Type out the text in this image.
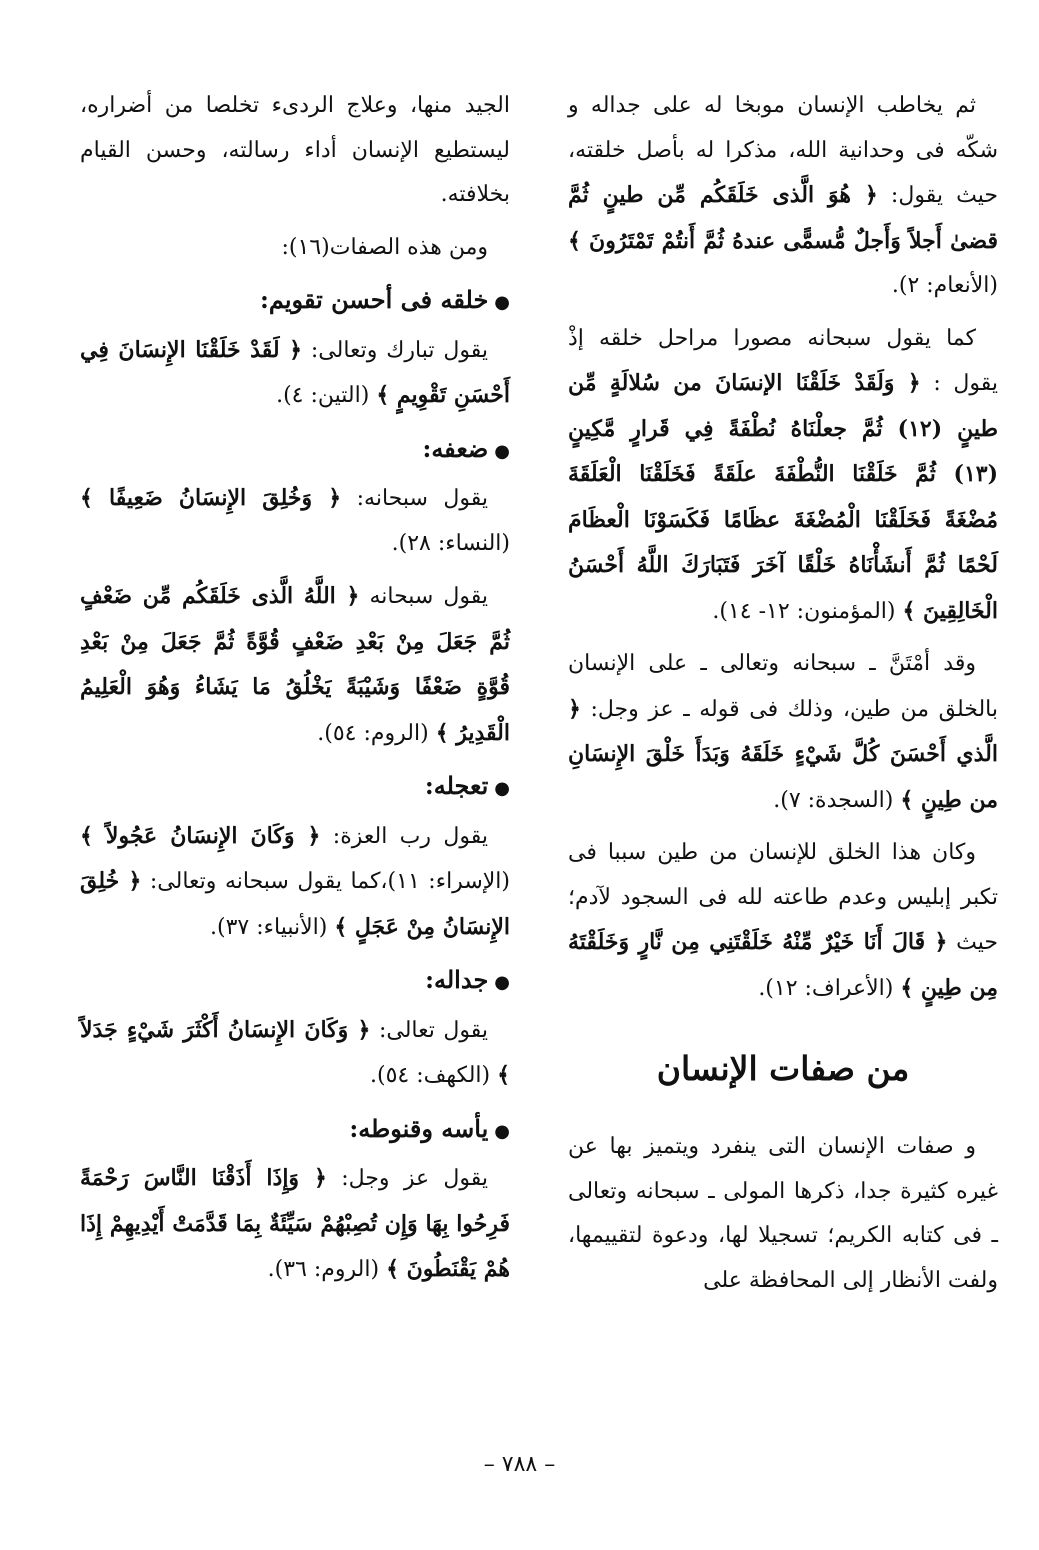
ثم يخاطب الإنسان موبخا له على جداله و شكّه فى وحدانية الله، مذكرا له بأصل خلقته، حيث يقول: ﴿ هُوَ الَّذى خَلَقَكُم مِّن طينٍ ثُمَّ قضىٰ أَجلاً وَأَجلٌ مُّسمًّى عندهُ ثُمَّ أَنتُمْ تَمْتَرُونَ ﴾ (الأنعام: ٢).

كما يقول سبحانه مصورا مراحل خلقه إذْ يقول : ﴿ وَلَقَدْ خَلَقْنَا الإنسَانَ من سُلالَةٍ مِّن طينٍ (١٢) ثُمَّ جعلْنَاهُ نُطْفَةً فِي قَرارٍ مَّكِينٍ (١٣) ثُمَّ خَلَقْنَا النُّطْفَةَ علَقَةً فَخَلَقْنَا الْعَلَقَةَ مُضْغَةً فَخَلَقْنَا الْمُضْغَةَ عظَامًا فَكَسَوْنَا الْعظَامَ لَحْمًا ثُمَّ أَنشَأْنَاهُ خَلْقًا آخَرَ فَتَبَارَكَ اللَّهُ أَحْسَنُ الْخَالِقِينَ ﴾ (المؤمنون: ١٢- ١٤).

وقد أمْتَنَّ ـ سبحانه وتعالى ـ على الإنسان بالخلق من طين، وذلك فى قوله ـ عز وجل: ﴿ الَّذي أَحْسَنَ كُلَّ شَيْءٍ خَلَقَهُ وَبَدَأَ خَلْقَ الإِنسَانِ من طِينٍ ﴾ (السجدة: ٧).

وكان هذا الخلق للإنسان من طين سببا فى تكبر إبليس وعدم طاعته لله فى السجود لآدم؛ حيث ﴿ قَالَ أَنَا خَيْرٌ مِّنْهُ خَلَقْتَنِي مِن نَّارٍ وَخَلَقْتَهُ مِن طِينٍ ﴾ (الأعراف: ١٢).

من صفات الإنسان

و صفات الإنسان التى ينفرد ويتميز بها عن غيره كثيرة جدا، ذكرها المولى ـ سبحانه وتعالى ـ فى كتابه الكريم؛ تسجيلا لها، ودعوة لتقييمها، ولفت الأنظار إلى المحافظة على

الجيد منها، وعلاج الردىء تخلصا من أضراره، ليستطيع الإنسان أداء رسالته، وحسن القيام بخلافته.

ومن هذه الصفات(١٦):

●خلقه فى أحسن تقويم:

يقول تبارك وتعالى: ﴿ لَقَدْ خَلَقْنَا الإِنسَانَ فِي أَحْسَنِ تَقْوِيمٍ ﴾ (التين: ٤).

●ضعفه:

يقول سبحانه: ﴿ وَخُلِقَ الإِنسَانُ ضَعِيفًا ﴾ (النساء: ٢٨).

يقول سبحانه ﴿ اللَّهُ الَّذى خَلَقَكُم مِّن ضَعْفٍ ثُمَّ جَعَلَ مِنْ بَعْدِ ضَعْفٍ قُوَّةً ثُمَّ جَعَلَ مِنْ بَعْدِ قُوَّةٍ ضَعْفًا وَشَيْبَةً يَخْلُقُ مَا يَشَاءُ وَهُوَ الْعَلِيمُ الْقَدِيرُ ﴾ (الروم: ٥٤).

●تعجله:

يقول رب العزة: ﴿ وَكَانَ الإِنسَانُ عَجُولاً ﴾ (الإسراء: ١١)،كما يقول سبحانه وتعالى: ﴿ خُلِقَ الإِنسَانُ مِنْ عَجَلٍ ﴾ (الأنبياء: ٣٧).

●جداله:

يقول تعالى: ﴿ وَكَانَ الإِنسَانُ أَكْثَرَ شَيْءٍ جَدَلاً ﴾ (الكهف: ٥٤).

●يأسه وقنوطه:

يقول عز وجل: ﴿ وَإِذَا أَذَقْنَا النَّاسَ رَحْمَةً فَرِحُوا بِهَا وَإِن تُصِبْهُمْ سَيِّئَةٌ بِمَا قَدَّمَتْ أَيْدِيهِمْ إِذَا هُمْ يَقْنَطُونَ ﴾ (الروم: ٣٦).

– ٧٨٨ –
